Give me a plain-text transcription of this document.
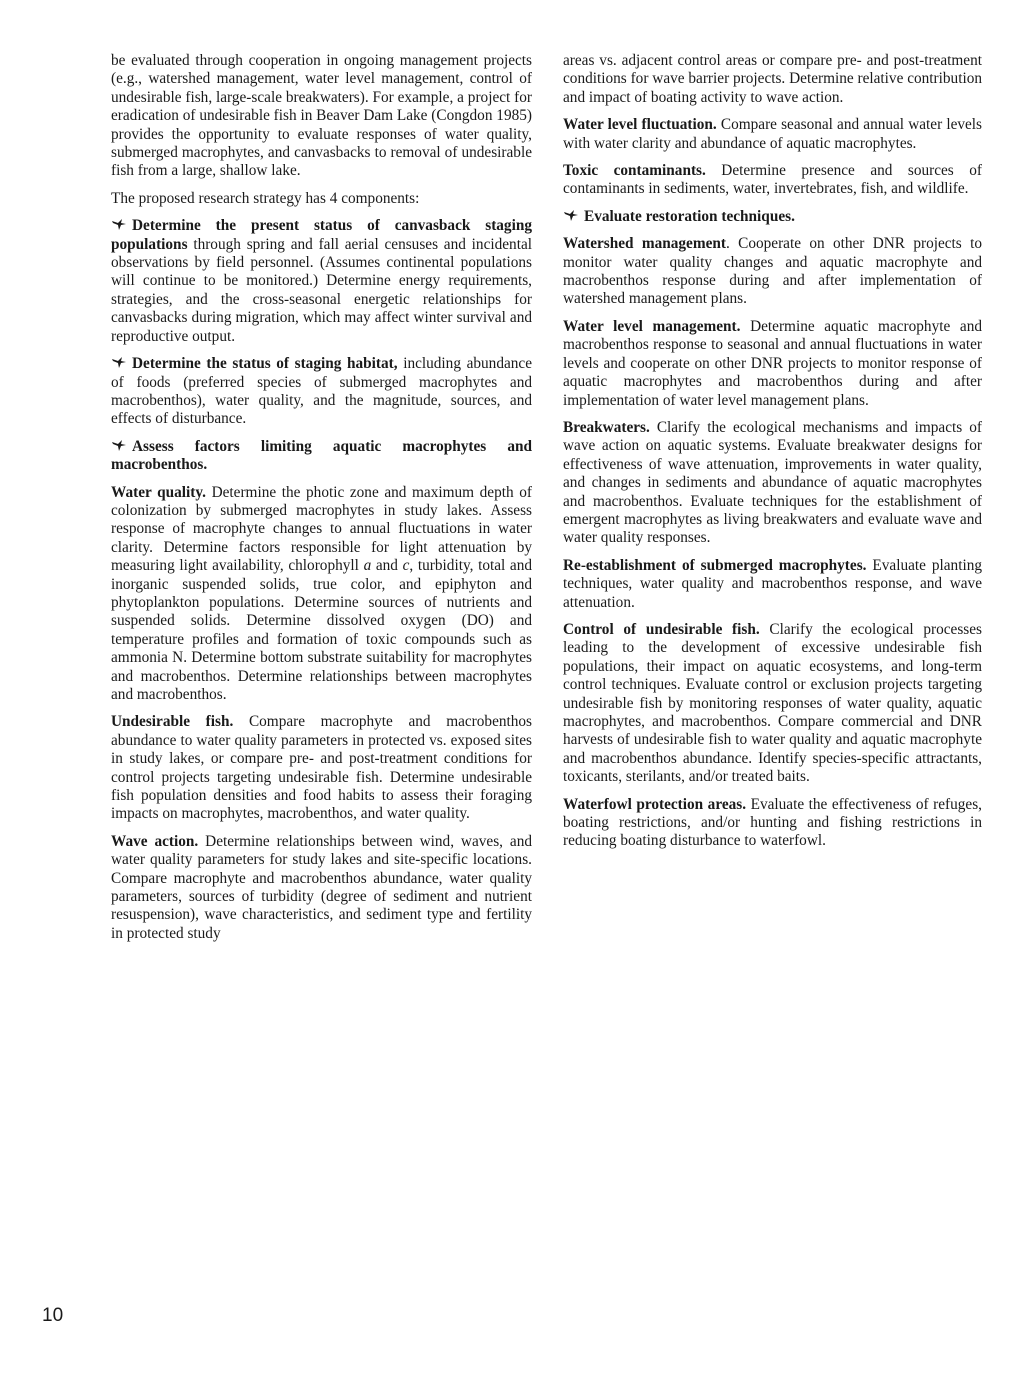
be evaluated through cooperation in ongoing management projects (e.g., watershed management, water level management, control of undesirable fish, large-scale breakwaters). For example, a project for eradication of undesirable fish in Beaver Dam Lake (Congdon 1985) provides the opportunity to evaluate responses of water quality, submerged macrophytes, and canvasbacks to removal of undesirable fish from a large, shallow lake.

The proposed research strategy has 4 components:

Determine the present status of canvasback staging populations through spring and fall aerial censuses and incidental observations by field personnel. (Assumes continental populations will continue to be monitored.) Determine energy requirements, strategies, and the cross-seasonal energetic relationships for canvasbacks during migration, which may affect winter survival and reproductive output.

Determine the status of staging habitat, including abundance of foods (preferred species of submerged macrophytes and macrobenthos), water quality, and the magnitude, sources, and effects of disturbance.

Assess factors limiting aquatic macrophytes and macrobenthos.

Water quality. Determine the photic zone and maximum depth of colonization by submerged macrophytes in study lakes. Assess response of macrophyte changes to annual fluctuations in water clarity. Determine factors responsible for light attenuation by measuring light availability, chlorophyll a and c, turbidity, total and inorganic suspended solids, true color, and epiphyton and phytoplankton populations. Determine sources of nutrients and suspended solids. Determine dissolved oxygen (DO) and temperature profiles and formation of toxic compounds such as ammonia N. Determine bottom substrate suitability for macrophytes and macrobenthos. Determine relationships between macrophytes and macrobenthos.

Undesirable fish. Compare macrophyte and macrobenthos abundance to water quality parameters in protected vs. exposed sites in study lakes, or compare pre- and post-treatment conditions for control projects targeting undesirable fish. Determine undesirable fish population densities and food habits to assess their foraging impacts on macrophytes, macrobenthos, and water quality.

Wave action. Determine relationships between wind, waves, and water quality parameters for study lakes and site-specific locations. Compare macrophyte and macrobenthos abundance, water quality parameters, sources of turbidity (degree of sediment and nutrient resuspension), wave characteristics, and sediment type and fertility in protected study

areas vs. adjacent control areas or compare pre- and post-treatment conditions for wave barrier projects. Determine relative contribution and impact of boating activity to wave action.

Water level fluctuation. Compare seasonal and annual water levels with water clarity and abundance of aquatic macrophytes.

Toxic contaminants. Determine presence and sources of contaminants in sediments, water, invertebrates, fish, and wildlife.

Evaluate restoration techniques.

Watershed management. Cooperate on other DNR projects to monitor water quality changes and aquatic macrophyte and macrobenthos response during and after implementation of watershed management plans.

Water level management. Determine aquatic macrophyte and macrobenthos response to seasonal and annual fluctuations in water levels and cooperate on other DNR projects to monitor response of aquatic macrophytes and macrobenthos during and after implementation of water level management plans.

Breakwaters. Clarify the ecological mechanisms and impacts of wave action on aquatic systems. Evaluate breakwater designs for effectiveness of wave attenuation, improvements in water quality, and changes in sediments and abundance of aquatic macrophytes and macrobenthos. Evaluate techniques for the establishment of emergent macrophytes as living breakwaters and evaluate wave and water quality responses.

Re-establishment of submerged macrophytes. Evaluate planting techniques, water quality and macrobenthos response, and wave attenuation.

Control of undesirable fish. Clarify the ecological processes leading to the development of excessive undesirable fish populations, their impact on aquatic ecosystems, and long-term control techniques. Evaluate control or exclusion projects targeting undesirable fish by monitoring responses of water quality, aquatic macrophytes, and macrobenthos. Compare commercial and DNR harvests of undesirable fish to water quality and aquatic macrophyte and macrobenthos abundance. Identify species-specific attractants, toxicants, sterilants, and/or treated baits.

Waterfowl protection areas. Evaluate the effectiveness of refuges, boating restrictions, and/or hunting and fishing restrictions in reducing boating disturbance to waterfowl.

10
